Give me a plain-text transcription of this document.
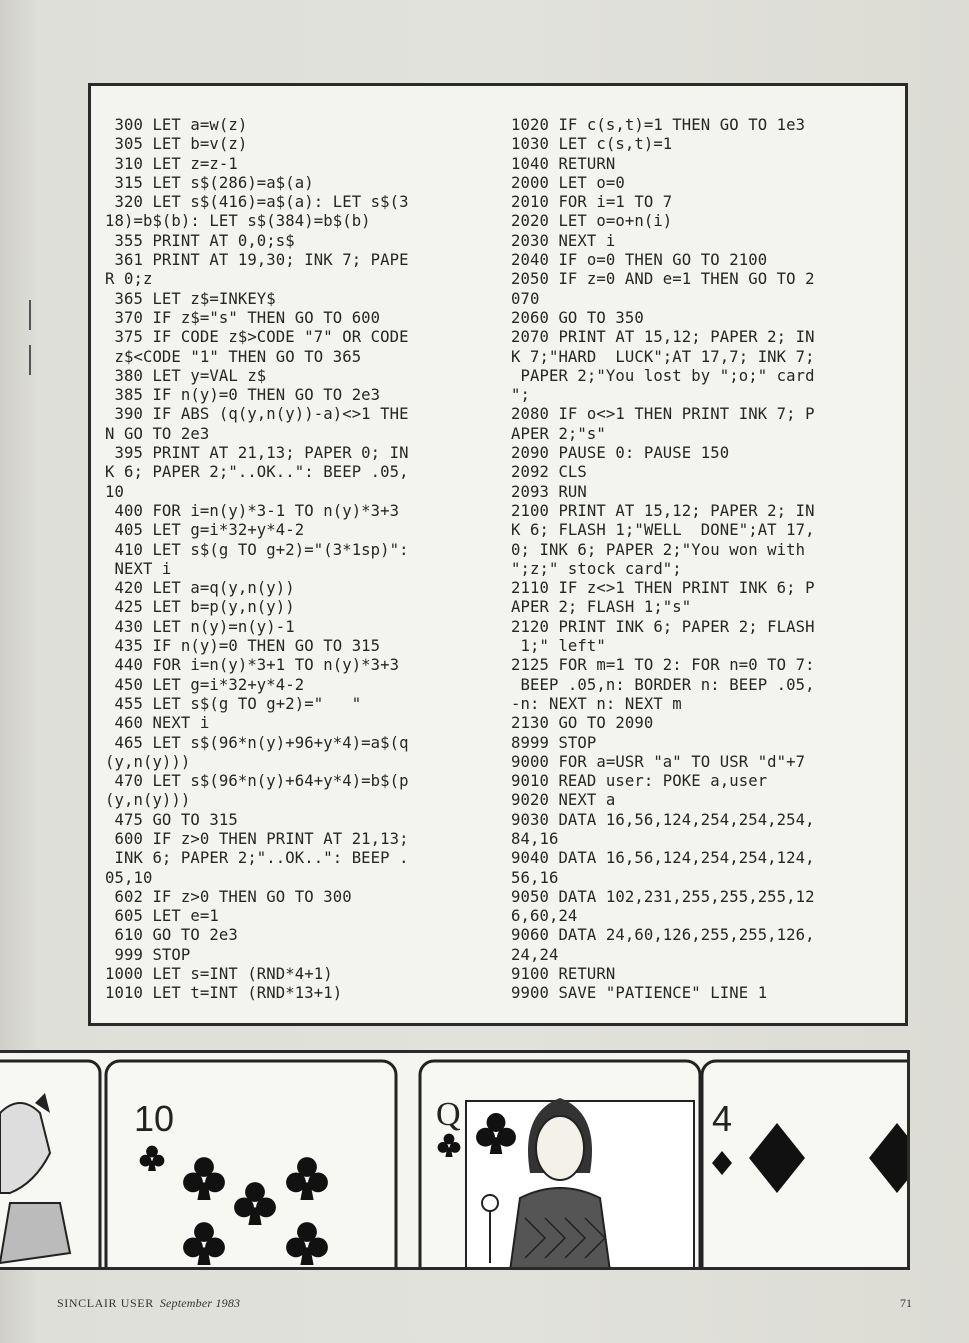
300 LET a=w(z)
305 LET b=v(z)
310 LET z=z-1
315 LET s$(286)=a$(a)
320 LET s$(416)=a$(a): LET s$(3
18)=b$(b): LET s$(384)=b$(b)
355 PRINT AT 0,0;s$
361 PRINT AT 19,30; INK 7; PAPE
R 0;z
365 LET z$=INKEY$
370 IF z$="s" THEN GO TO 600
375 IF CODE z$>CODE "7" OR CODE
z$<CODE "1" THEN GO TO 365
380 LET y=VAL z$
385 IF n(y)=0 THEN GO TO 2e3
390 IF ABS (q(y,n(y))-a)<>1 THE
N GO TO 2e3
395 PRINT AT 21,13; PAPER 0; IN
K 6; PAPER 2;"..OK..": BEEP .05,
10
400 FOR i=n(y)*3-1 TO n(y)*3+3
405 LET g=i*32+y*4-2
410 LET s$(g TO g+2)="(3*1sp)":
NEXT i
420 LET a=q(y,n(y))
425 LET b=p(y,n(y))
430 LET n(y)=n(y)-1
435 IF n(y)=0 THEN GO TO 315
440 FOR i=n(y)*3+1 TO n(y)*3+3
450 LET g=i*32+y*4-2
455 LET s$(g TO g+2)="   "
460 NEXT i
465 LET s$(96*n(y)+96+y*4)=a$(q
(y,n(y)))
470 LET s$(96*n(y)+64+y*4)=b$(p
(y,n(y)))
475 GO TO 315
600 IF z>0 THEN PRINT AT 21,13;
INK 6; PAPER 2;"..OK..": BEEP .
05,10
602 IF z>0 THEN GO TO 300
605 LET e=1
610 GO TO 2e3
999 STOP
1000 LET s=INT (RND*4+1)
1010 LET t=INT (RND*13+1)
1020 IF c(s,t)=1 THEN GO TO 1e3
1030 LET c(s,t)=1
1040 RETURN
2000 LET o=0
2010 FOR i=1 TO 7
2020 LET o=o+n(i)
2030 NEXT i
2040 IF o=0 THEN GO TO 2100
2050 IF z=0 AND e=1 THEN GO TO 2
070
2060 GO TO 350
2070 PRINT AT 15,12; PAPER 2; IN
K 7;"HARD  LUCK";AT 17,7; INK 7;
PAPER 2;"You lost by ";o;" card
";
2080 IF o<>1 THEN PRINT INK 7; P
APER 2;"s"
2090 PAUSE 0: PAUSE 150
2092 CLS
2093 RUN
2100 PRINT AT 15,12; PAPER 2; IN
K 6; FLASH 1;"WELL  DONE";AT 17,
0; INK 6; PAPER 2;"You won with
";z;" stock card";
2110 IF z<>1 THEN PRINT INK 6; P
APER 2; FLASH 1;"s"
2120 PRINT INK 6; PAPER 2; FLASH
1;" left"
2125 FOR m=1 TO 2: FOR n=0 TO 7:
BEEP .05,n: BORDER n: BEEP .05,
-n: NEXT n: NEXT m
2130 GO TO 2090
8999 STOP
9000 FOR a=USR "a" TO USR "d"+7
9010 READ user: POKE a,user
9020 NEXT a
9030 DATA 16,56,124,254,254,254,
84,16
9040 DATA 16,56,124,254,254,124,
56,16
9050 DATA 102,231,255,255,255,12
6,60,24
9060 DATA 24,60,126,255,255,126,
24,24
9100 RETURN
9900 SAVE "PATIENCE" LINE 1
10	Q	4
SINCLAIR USER September 1983	71
